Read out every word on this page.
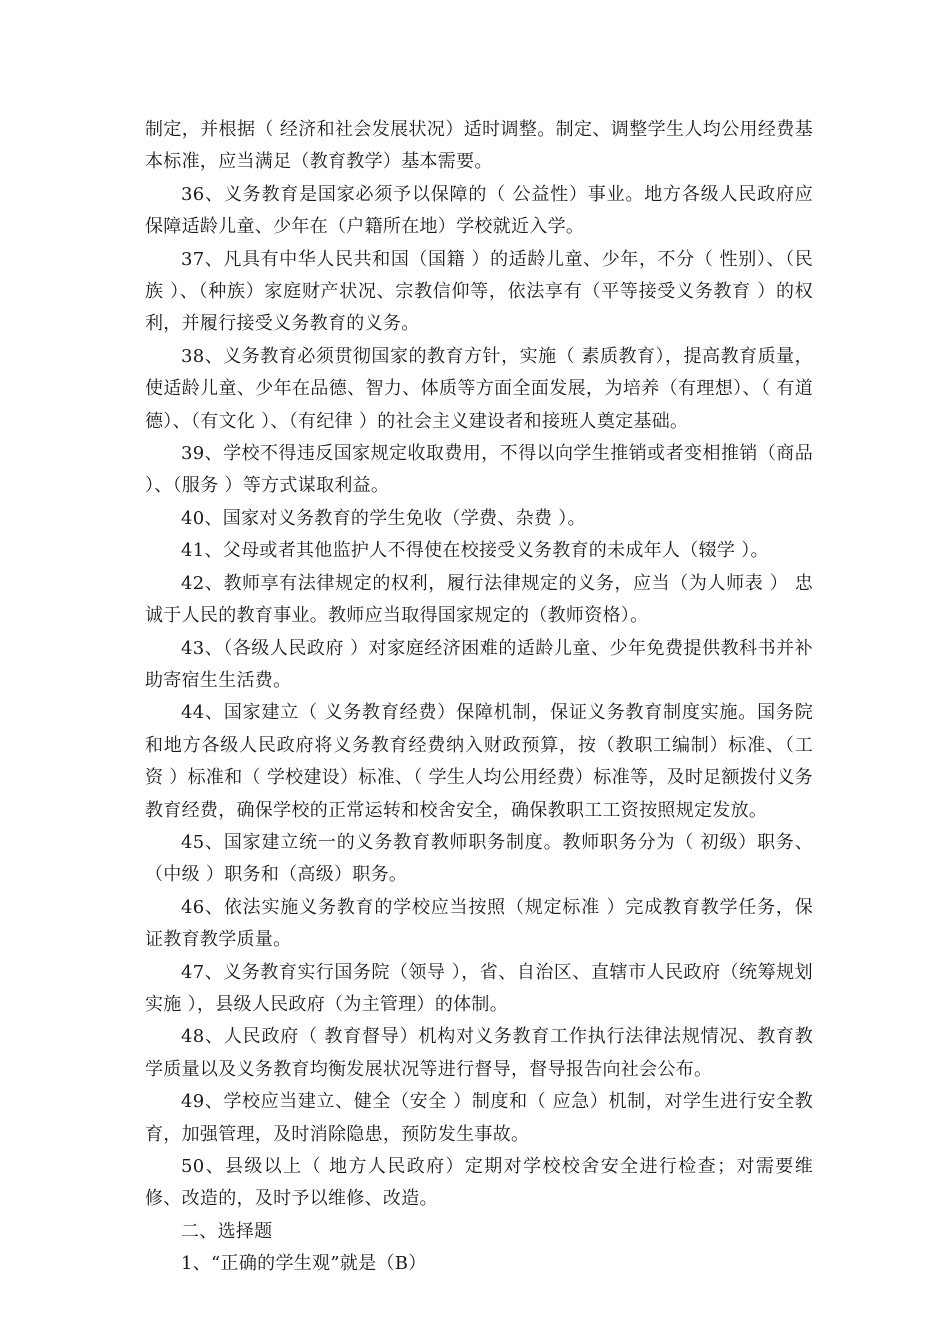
制定，并根据（ 经济和社会发展状况）适时调整。制定、调整学生人均公用经费基本标准，应当满足（教育教学）基本需要。

36、义务教育是国家必须予以保障的（ 公益性）事业。地方各级人民政府应保障适龄儿童、少年在（户籍所在地）学校就近入学。

37、凡具有中华人民共和国（国籍 ）的适龄儿童、少年，不分（ 性别）、（民族 ）、（种族）家庭财产状况、宗教信仰等，依法享有（平等接受义务教育 ）的权利，并履行接受义务教育的义务。

38、义务教育必须贯彻国家的教育方针，实施（ 素质教育），提高教育质量，使适龄儿童、少年在品德、智力、体质等方面全面发展，为培养（有理想）、（ 有道德）、（有文化 ）、（有纪律 ）的社会主义建设者和接班人奠定基础。

39、学校不得违反国家规定收取费用，不得以向学生推销或者变相推销（商品 ）、（服务 ）等方式谋取利益。

40、国家对义务教育的学生免收（学费、杂费 ）。

41、父母或者其他监护人不得使在校接受义务教育的未成年人（辍学 ）。

42、教师享有法律规定的权利，履行法律规定的义务，应当（为人师表 ） 忠诚于人民的教育事业。教师应当取得国家规定的（教师资格）。

43、（各级人民政府 ）对家庭经济困难的适龄儿童、少年免费提供教科书并补助寄宿生生活费。

44、国家建立（ 义务教育经费）保障机制，保证义务教育制度实施。国务院和地方各级人民政府将义务教育经费纳入财政预算，按（教职工编制）标准、（工资 ）标准和（ 学校建设）标准、（ 学生人均公用经费）标准等，及时足额拨付义务教育经费，确保学校的正常运转和校舍安全，确保教职工工资按照规定发放。

45、国家建立统一的义务教育教师职务制度。教师职务分为（ 初级）职务、（中级 ）职务和（高级）职务。

46、依法实施义务教育的学校应当按照（规定标准 ）完成教育教学任务，保证教育教学质量。

47、义务教育实行国务院（领导 ），省、自治区、直辖市人民政府（统筹规划实施 ），县级人民政府（为主管理）的体制。

48、人民政府（ 教育督导）机构对义务教育工作执行法律法规情况、教育教学质量以及义务教育均衡发展状况等进行督导，督导报告向社会公布。

49、学校应当建立、健全（安全 ）制度和（ 应急）机制，对学生进行安全教育，加强管理，及时消除隐患，预防发生事故。

50、县级以上（ 地方人民政府）定期对学校校舍安全进行检查；对需要维修、改造的，及时予以维修、改造。

二、选择题

1、“正确的学生观”就是（B）
